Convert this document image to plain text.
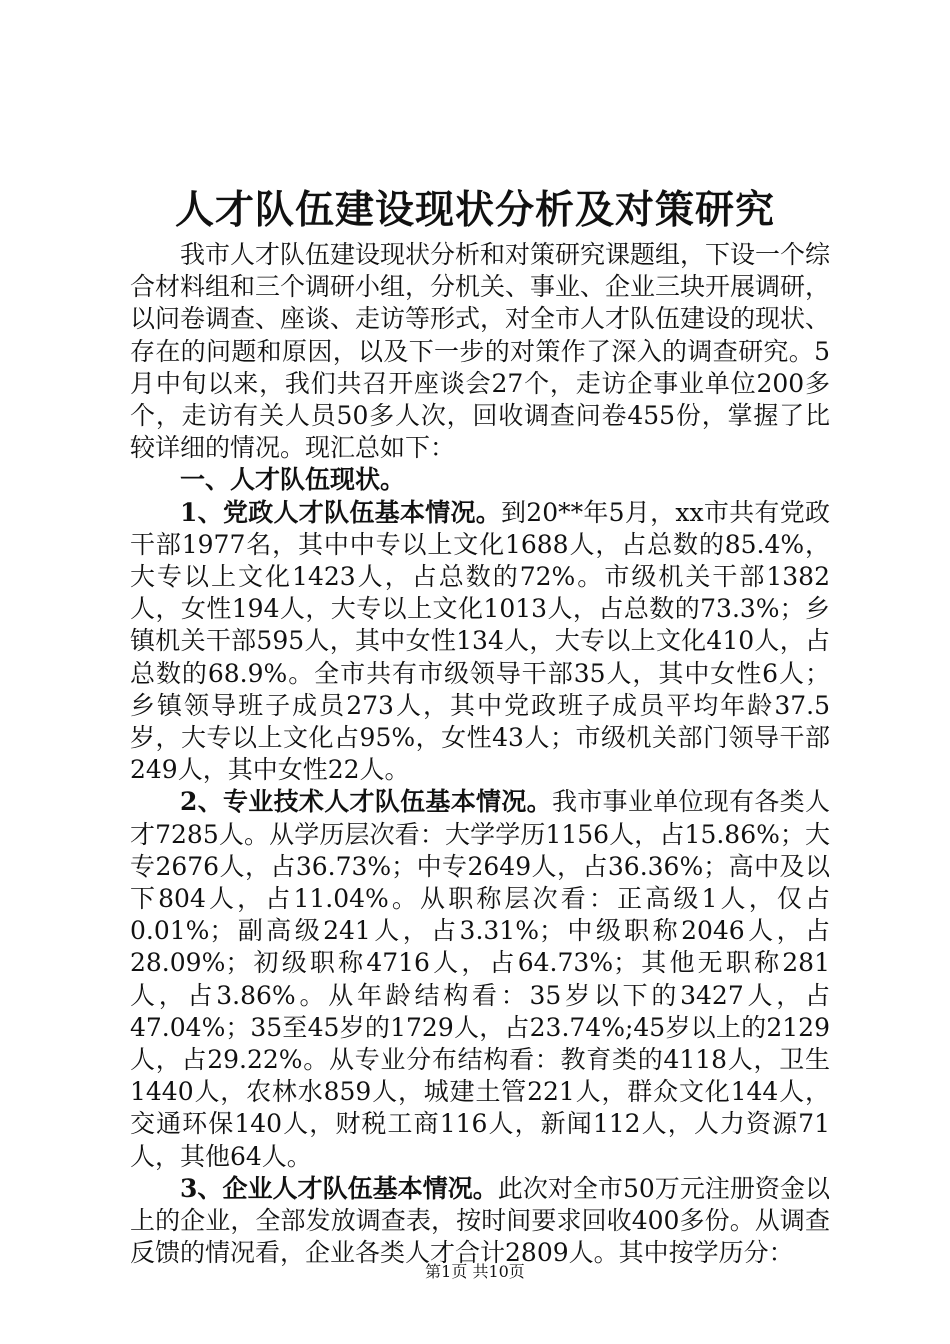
人才队伍建设现状分析及对策研究

我市人才队伍建设现状分析和对策研究课题组，下设一个综合材料组和三个调研小组，分机关、事业、企业三块开展调研，以问卷调查、座谈、走访等形式，对全市人才队伍建设的现状、存在的问题和原因，以及下一步的对策作了深入的调查研究。5月中旬以来，我们共召开座谈会27个，走访企事业单位200多个，走访有关人员50多人次，回收调查问卷455份，掌握了比较详细的情况。现汇总如下：

一、人才队伍现状。

1、党政人才队伍基本情况。到20**年5月，xx市共有党政干部1977名，其中中专以上文化1688人，占总数的85.4%，大专以上文化1423人，占总数的72%。市级机关干部1382人，女性194人，大专以上文化1013人，占总数的73.3%；乡镇机关干部595人，其中女性134人，大专以上文化410人，占总数的68.9%。全市共有市级领导干部35人，其中女性6人；乡镇领导班子成员273人，其中党政班子成员平均年龄37.5岁，大专以上文化占95%，女性43人；市级机关部门领导干部249人，其中女性22人。

2、专业技术人才队伍基本情况。我市事业单位现有各类人才7285人。从学历层次看：大学学历1156人，占15.86%；大专2676人，占36.73%；中专2649人，占36.36%；高中及以下804人，占11.04%。从职称层次看：正高级1人，仅占0.01%；副高级241人，占3.31%；中级职称2046人，占28.09%；初级职称4716人，占64.73%；其他无职称281人，占3.86%。从年龄结构看：35岁以下的3427人，占47.04%；35至45岁的1729人，占23.74%;45岁以上的2129人，占29.22%。从专业分布结构看：教育类的4118人，卫生1440人，农林水859人，城建土管221人，群众文化144人，交通环保140人，财税工商116人，新闻112人，人力资源71人，其他64人。

3、企业人才队伍基本情况。此次对全市50万元注册资金以上的企业，全部发放调查表，按时间要求回收400多份。从调查反馈的情况看，企业各类人才合计2809人。其中按学历分：

第1页 共10页
